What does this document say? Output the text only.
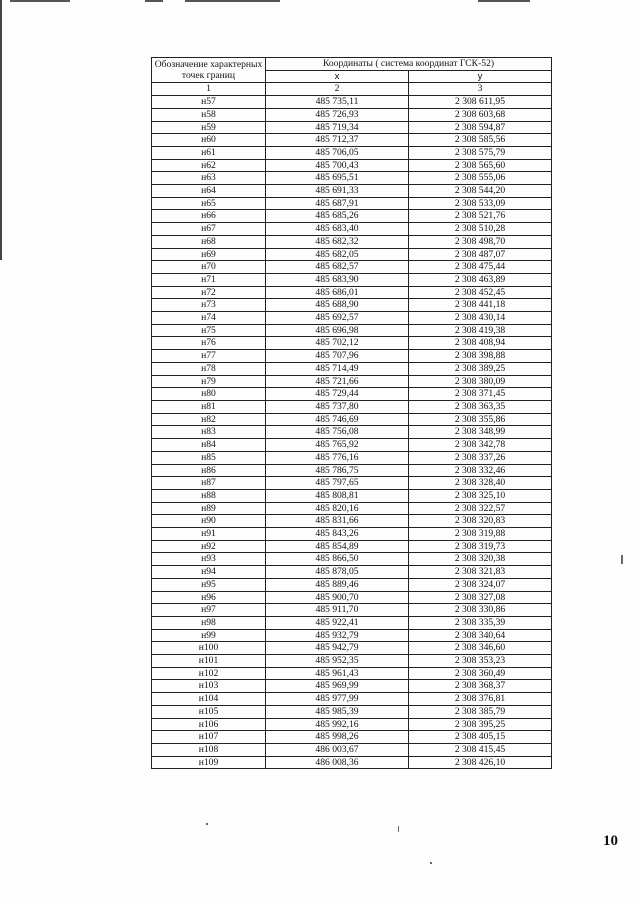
Обозначение характерных точек границ	Координаты ( система координат ГСК-52)	
	х	у
1	2	3
н57	485 735,11	2 308 611,95
н58	485 726,93	2 308 603,68
н59	485 719,34	2 308 594,87
н60	485 712,37	2 308 585,56
н61	485 706,05	2 308 575,79
н62	485 700,43	2 308 565,60
н63	485 695,51	2 308 555,06
н64	485 691,33	2 308 544,20
н65	485 687,91	2 308 533,09
н66	485 685,26	2 308 521,76
н67	485 683,40	2 308 510,28
н68	485 682,32	2 308 498,70
н69	485 682,05	2 308 487,07
н70	485 682,57	2 308 475,44
н71	485 683,90	2 308 463,89
н72	485 686,01	2 308 452,45
н73	485 688,90	2 308 441,18
н74	485 692,57	2 308 430,14
н75	485 696,98	2 308 419,38
н76	485 702,12	2 308 408,94
н77	485 707,96	2 308 398,88
н78	485 714,49	2 308 389,25
н79	485 721,66	2 308 380,09
н80	485 729,44	2 308 371,45
н81	485 737,80	2 308 363,35
н82	485 746,69	2 308 355,86
н83	485 756,08	2 308 348,99
н84	485 765,92	2 308 342,78
н85	485 776,16	2 308 337,26
н86	485 786,75	2 308 332,46
н87	485 797,65	2 308 328,40
н88	485 808,81	2 308 325,10
н89	485 820,16	2 308 322,57
н90	485 831,66	2 308 320,83
н91	485 843,26	2 308 319,88
н92	485 854,89	2 308 319,73
н93	485 866,50	2 308 320,38
н94	485 878,05	2 308 321,83
н95	485 889,46	2 308 324,07
н96	485 900,70	2 308 327,08
н97	485 911,70	2 308 330,86
н98	485 922,41	2 308 335,39
н99	485 932,79	2 308 340,64
н100	485 942,79	2 308 346,60
н101	485 952,35	2 308 353,23
н102	485 961,43	2 308 360,49
н103	485 969,99	2 308 368,37
н104	485 977,99	2 308 376,81
н105	485 985,39	2 308 385,79
н106	485 992,16	2 308 395,25
н107	485 998,26	2 308 405,15
н108	486 003,67	2 308 415,45
н109	486 008,36	2 308 426,10
10
